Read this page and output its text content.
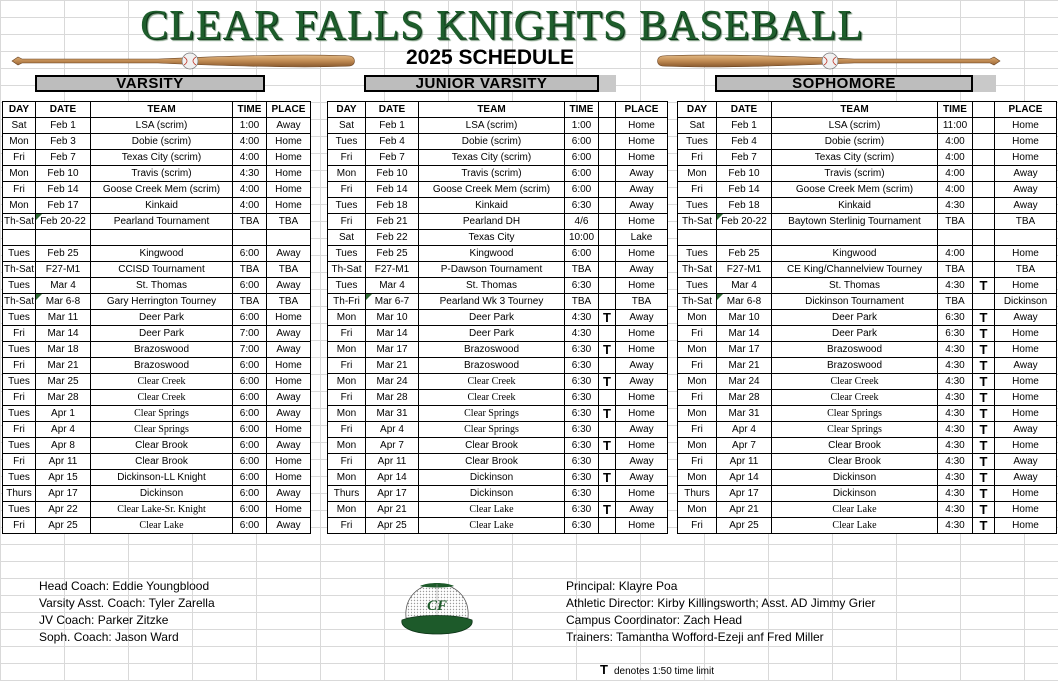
CLEAR FALLS KNIGHTS BASEBALL
2025 SCHEDULE
VARSITY	JUNIOR VARSITY	SOPHOMORE
DAY	DATE	TEAM	TIME	PLACE
Sat	Feb 1	LSA (scrim)	1:00	Away
Mon	Feb 3	Dobie (scrim)	4:00	Home
Fri	Feb 7	Texas City (scrim)	4:00	Home
Mon	Feb 10	Travis (scrim)	4:30	Home
Fri	Feb 14	Goose Creek Mem (scrim)	4:00	Home
Mon	Feb 17	Kinkaid	4:00	Home
Th-Sat	Feb 20-22	Pearland Tournament	TBA	TBA

Tues	Feb 25	Kingwood	6:00	Away
Th-Sat	F27-M1	CCISD Tournament	TBA	TBA
Tues	Mar 4	St. Thomas	6:00	Away
Th-Sat	Mar 6-8	Gary Herrington Tourney	TBA	TBA
Tues	Mar 11	Deer Park	6:00	Home
Fri	Mar 14	Deer Park	7:00	Away
Tues	Mar 18	Brazoswood	7:00	Away
Fri	Mar 21	Brazoswood	6:00	Home
Tues	Mar 25	Clear Creek	6:00	Home
Fri	Mar 28	Clear Creek	6:00	Away
Tues	Apr 1	Clear Springs	6:00	Away
Fri	Apr 4	Clear Springs	6:00	Home
Tues	Apr 8	Clear Brook	6:00	Away
Fri	Apr 11	Clear Brook	6:00	Home
Tues	Apr 15	Dickinson-LL Knight	6:00	Home
Thurs	Apr 17	Dickinson	6:00	Away
Tues	Apr 22	Clear Lake-Sr. Knight	6:00	Home
Fri	Apr 25	Clear Lake	6:00	Away
DAY	DATE	TEAM	TIME		PLACE
Sat	Feb 1	LSA (scrim)	1:00		Home
Tues	Feb 4	Dobie (scrim)	6:00		Home
Fri	Feb 7	Texas City (scrim)	6:00		Home
Mon	Feb 10	Travis (scrim)	6:00		Away
Fri	Feb 14	Goose Creek Mem (scrim)	6:00		Away
Tues	Feb 18	Kinkaid	6:30		Away
Fri	Feb 21	Pearland DH	4/6		Home
Sat	Feb 22	Texas City	10:00		Lake
Tues	Feb 25	Kingwood	6:00		Home
Th-Sat	F27-M1	P-Dawson Tournament	TBA		Away
Tues	Mar 4	St. Thomas	6:30		Home
Th-Fri	Mar 6-7	Pearland Wk 3 Tourney	TBA		TBA
Mon	Mar 10	Deer Park	4:30	T	Away
Fri	Mar 14	Deer Park	4:30		Home
Mon	Mar 17	Brazoswood	6:30	T	Home
Fri	Mar 21	Brazoswood	6:30		Away
Mon	Mar 24	Clear Creek	6:30	T	Away
Fri	Mar 28	Clear Creek	6:30		Home
Mon	Mar 31	Clear Springs	6:30	T	Home
Fri	Apr 4	Clear Springs	6:30		Away
Mon	Apr 7	Clear Brook	6:30	T	Home
Fri	Apr 11	Clear Brook	6:30		Away
Mon	Apr 14	Dickinson	6:30	T	Away
Thurs	Apr 17	Dickinson	6:30		Home
Mon	Apr 21	Clear Lake	6:30	T	Away
Fri	Apr 25	Clear Lake	6:30		Home
DAY	DATE	TEAM	TIME		PLACE
Sat	Feb 1	LSA (scrim)	11:00		Home
Tues	Feb 4	Dobie (scrim)	4:00		Home
Fri	Feb 7	Texas City (scrim)	4:00		Home
Mon	Feb 10	Travis (scrim)	4:00		Away
Fri	Feb 14	Goose Creek Mem (scrim)	4:00		Away
Tues	Feb 18	Kinkaid	4:30		Away
Th-Sat	Feb 20-22	Baytown Sterlinig Tournament	TBA		TBA

Tues	Feb 25	Kingwood	4:00		Home
Th-Sat	F27-M1	CE King/Channelview Tourney	TBA		TBA
Tues	Mar 4	St. Thomas	4:30	T	Home
Th-Sat	Mar 6-8	Dickinson Tournament	TBA		Dickinson
Mon	Mar 10	Deer Park	6:30	T	Away
Fri	Mar 14	Deer Park	6:30	T	Home
Mon	Mar 17	Brazoswood	4:30	T	Home
Fri	Mar 21	Brazoswood	4:30	T	Away
Mon	Mar 24	Clear Creek	4:30	T	Home
Fri	Mar 28	Clear Creek	4:30	T	Home
Mon	Mar 31	Clear Springs	4:30	T	Home
Fri	Apr 4	Clear Springs	4:30	T	Away
Mon	Apr 7	Clear Brook	4:30	T	Home
Fri	Apr 11	Clear Brook	4:30	T	Away
Mon	Apr 14	Dickinson	4:30	T	Away
Thurs	Apr 17	Dickinson	4:30	T	Home
Mon	Apr 21	Clear Lake	4:30	T	Home
Fri	Apr 25	Clear Lake	4:30	T	Home
Head Coach: Eddie Youngblood
Varsity Asst. Coach: Tyler Zarella
JV Coach: Parker Zitzke
Soph. Coach: Jason Ward
Principal: Klayre Poa
Athletic Director: Kirby Killingsworth; Asst. AD Jimmy Grier
Campus Coordinator: Zach Head
Trainers: Tamantha Wofford-Ezeji anf Fred Miller
CF
T denotes 1:50 time limit
